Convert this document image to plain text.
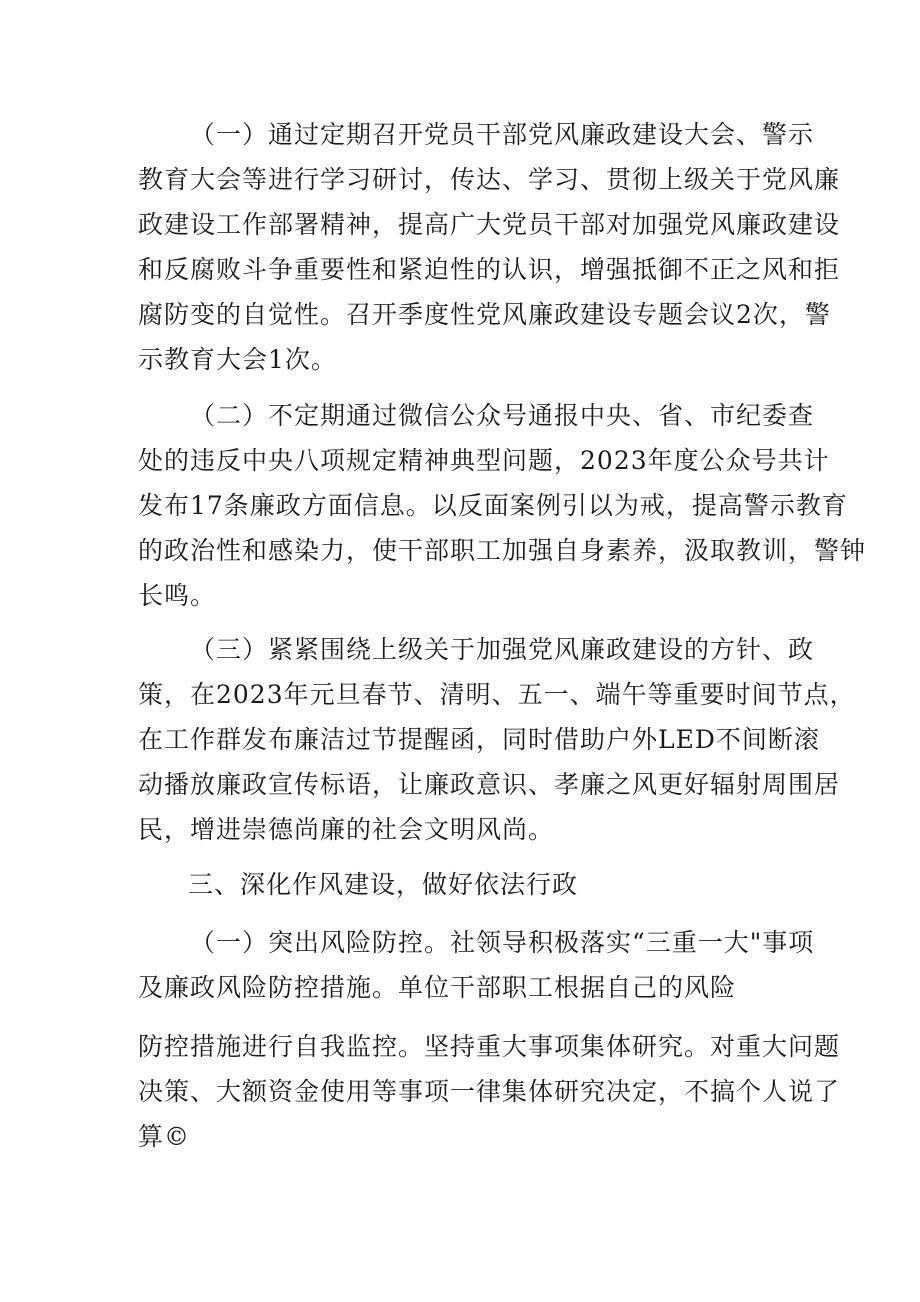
（一）通过定期召开党员干部党风廉政建设大会、警示
教育大会等进行学习研讨，传达、学习、贯彻上级关于党风廉
政建设工作部署精神，提高广大党员干部对加强党风廉政建设
和反腐败斗争重要性和紧迫性的认识，增强抵御不正之风和拒
腐防变的自觉性。召开季度性党风廉政建设专题会议2次，警
示教育大会1次。
（二）不定期通过微信公众号通报中央、省、市纪委查
处的违反中央八项规定精神典型问题，2023年度公众号共计
发布17条廉政方面信息。以反面案例引以为戒，提高警示教育
的政治性和感染力，使干部职工加强自身素养，汲取教训，警钟
长鸣。
（三）紧紧围绕上级关于加强党风廉政建设的方针、政
策，在2023年元旦春节、清明、五一、端午等重要时间节点，
在工作群发布廉洁过节提醒函，同时借助户外LED不间断滚
动播放廉政宣传标语，让廉政意识、孝廉之风更好辐射周围居
民，增进崇德尚廉的社会文明风尚。
三、深化作风建设，做好依法行政
（一）突出风险防控。社领导积极落实“三重一大"事项
及廉政风险防控措施。单位干部职工根据自己的风险
防控措施进行自我监控。坚持重大事项集体研究。对重大问题
决策、大额资金使用等事项一律集体研究决定，不搞个人说了
算©
